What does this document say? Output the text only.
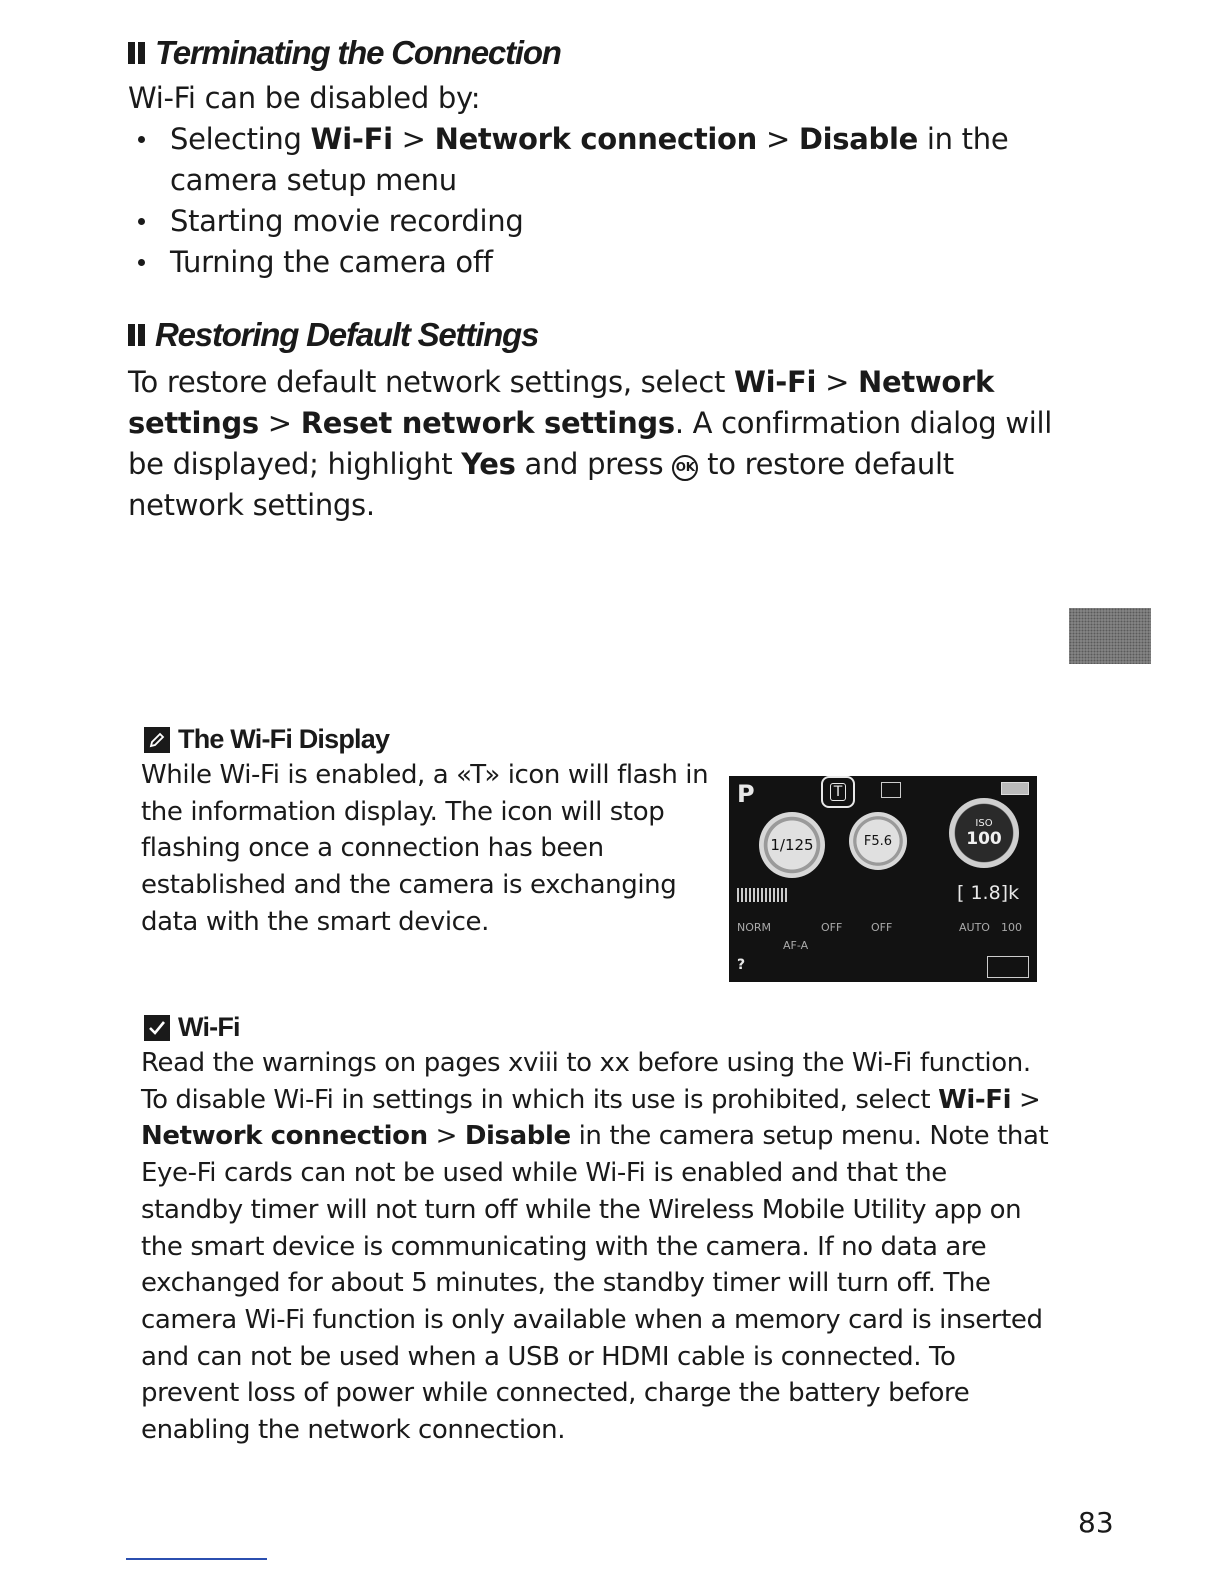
Terminating the Connection
Wi-Fi can be disabled by:
Selecting Wi-Fi > Network connection > Disable in the
camera setup menu
Starting movie recording
Turning the camera off
Restoring Default Settings
To restore default network settings, select Wi-Fi > Network
settings > Reset network settings. A confirmation dialog will
be displayed; highlight Yes and press OK to restore default
network settings.
The Wi-Fi Display
While Wi-Fi is enabled, a «T» icon will flash in
the information display. The icon will stop
flashing once a connection has been
established and the camera is exchanging
data with the smart device.
P	T
1/125	F5.6
ISO
100
[ 1.8]k
NORM	OFF	OFF	AUTO 100
AF-A
?
Wi-Fi
Read the warnings on pages xviii to xx before using the Wi-Fi function.
To disable Wi-Fi in settings in which its use is prohibited, select Wi-Fi >
Network connection > Disable in the camera setup menu. Note that
Eye-Fi cards can not be used while Wi-Fi is enabled and that the
standby timer will not turn off while the Wireless Mobile Utility app on
the smart device is communicating with the camera. If no data are
exchanged for about 5 minutes, the standby timer will turn off. The
camera Wi-Fi function is only available when a memory card is inserted
and can not be used when a USB or HDMI cable is connected. To
prevent loss of power while connected, charge the battery before
enabling the network connection.
83
